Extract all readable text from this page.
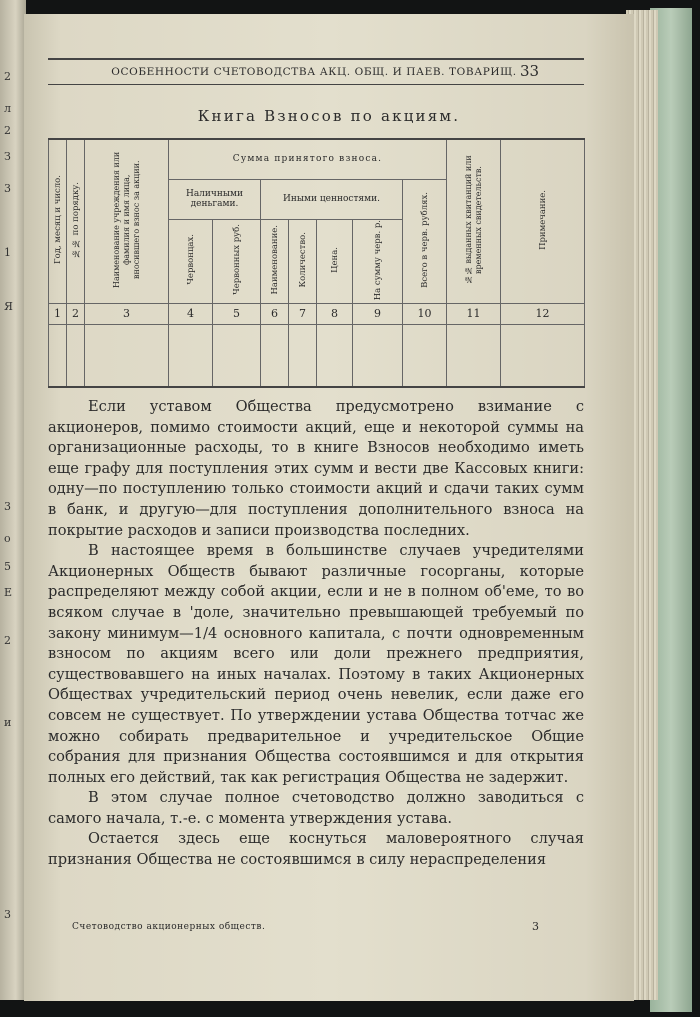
2
л
2
З
3
1
Я
3
о
5
Е
2
и
3
ОСОБЕННОСТИ СЧЕТОВОДСТВА АКЦ. ОБЩ. И ПАЕВ. ТОВАРИЩ. 33
Книга Взносов по акциям.
Год, месяц и число.	№№ по порядку.	Наименование учреждения или фамилия и имя лица, вносившего взнос за акции.	Сумма принятого взноса.							№№ выданных квитанций или временных свидетельств.	Примечание.
			Наличными деньгами.		Иными ценностями.				Всего в черв. рублях.		
			Червонцах.	Червонных руб.	Наименование.	Количество.	Цена.	На сумму черв. р.			
1	2	3	4	5	6	7	8	9	10	11	12

Если уставом Общества предусмотрено взимание с акционеров, помимо стоимости акций, еще и некоторой суммы на организационные расходы, то в книге Взносов необходимо иметь еще графу для поступления этих сумм и вести две Кассовых книги: одну—по поступлению только стоимости акций и сдачи таких сумм в банк, и другую—для поступления дополнительного взноса на покрытие расходов и записи производства последних.

В настоящее время в большинстве случаев учредителями Акционерных Обществ бывают различные госорганы, которые распределяют между собой акции, если и не в полном об'еме, то во всяком случае в 'доле, значительно превышающей требуемый по закону минимум—1/4 основного капитала, с почти одновременным взносом по акциям всего или доли прежнего предприятия, существовавшего на иных началах. Поэтому в таких Акционерных Обществах учредительский период очень невелик, если даже его совсем не существует. По утверждении устава Общества тотчас же можно собирать предварительное и учредительское Общие собрания для признания Общества состоявшимся и для открытия полных его действий, так как регистрация Общества не задержит.

В этом случае полное счетоводство должно заводиться с самого начала, т.-е. с момента утверждения устава.

Остается здесь еще коснуться маловероятного случая признания Общества не состоявшимся в силу нераспределения

Счетоводство акционерных обществ.	3
